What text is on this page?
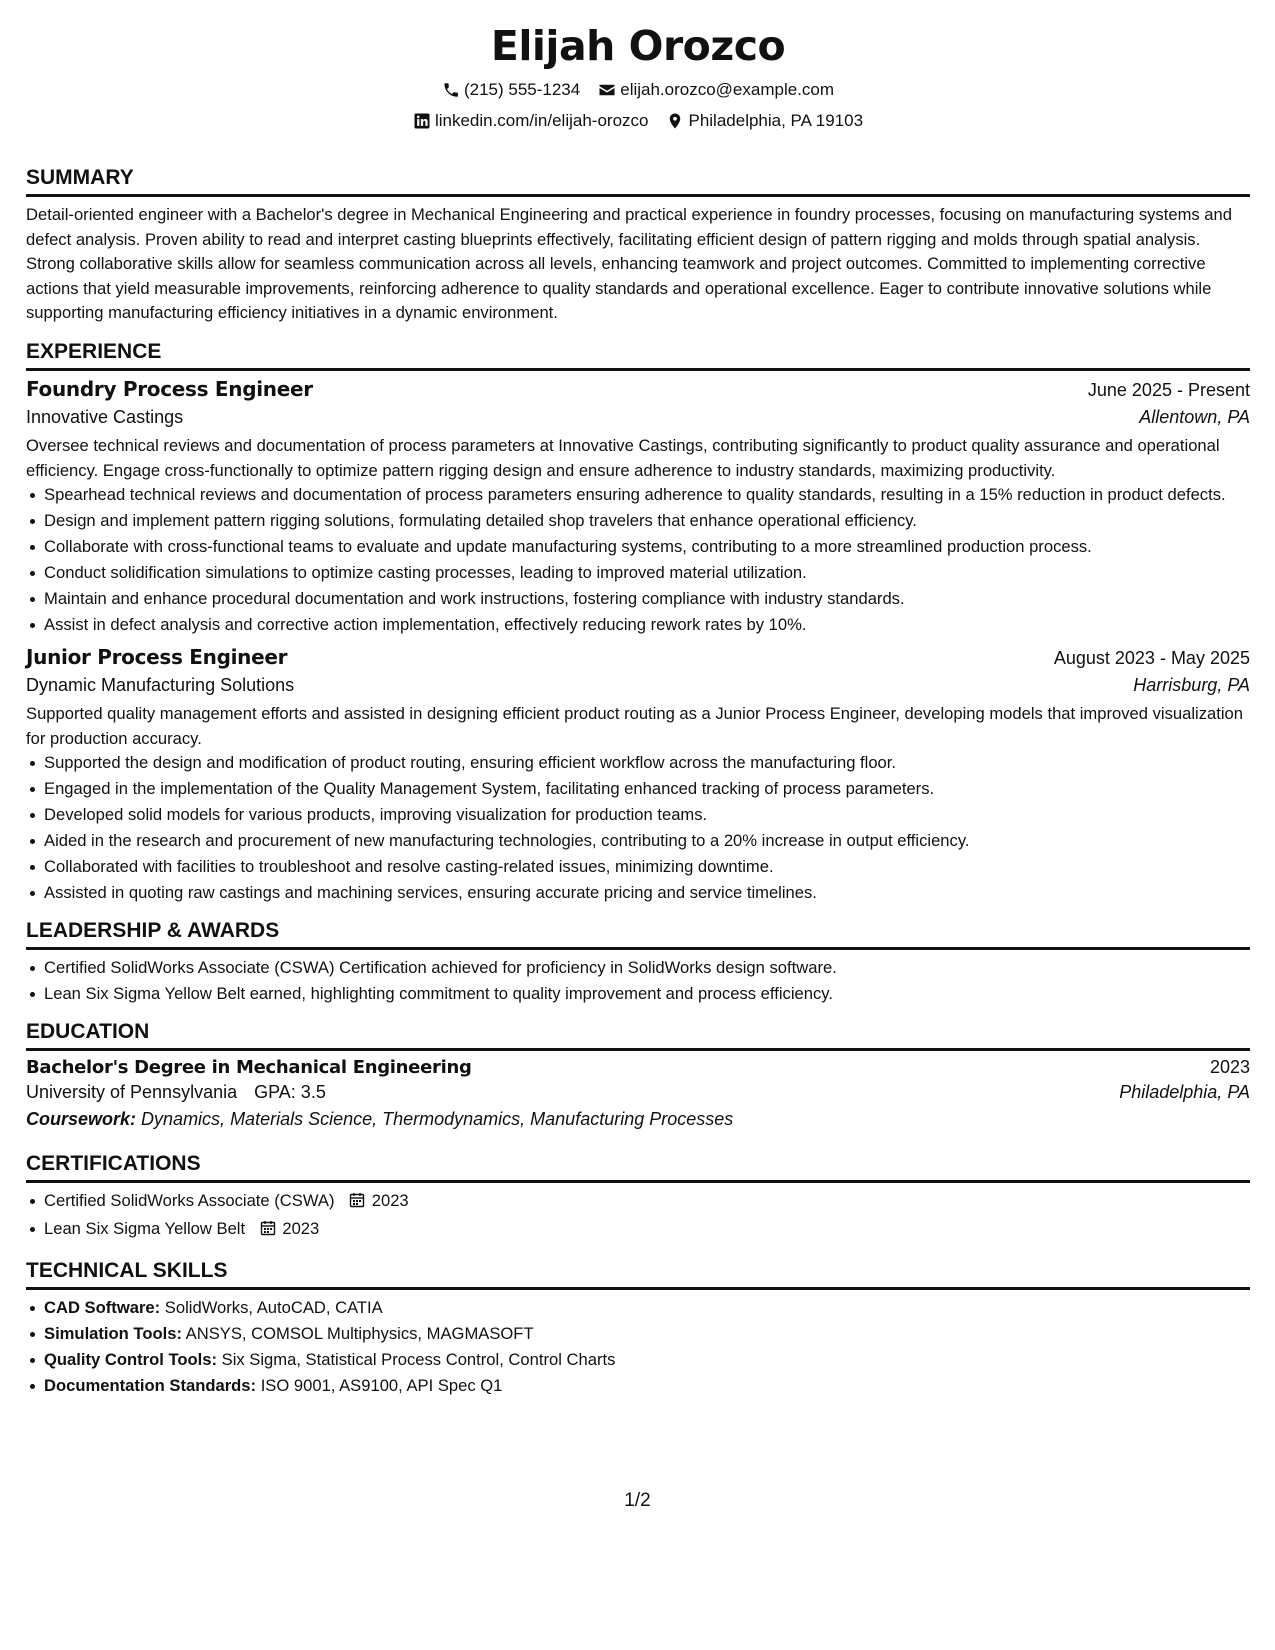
Elijah Orozco
(215) 555-1234 elijah.orozco@example.com
linkedin.com/in/elijah-orozco Philadelphia, PA 19103
SUMMARY

Detail-oriented engineer with a Bachelor's degree in Mechanical Engineering and practical experience in foundry processes, focusing on manufacturing systems and defect analysis. Proven ability to read and interpret casting blueprints effectively, facilitating efficient design of pattern rigging and molds through spatial analysis. Strong collaborative skills allow for seamless communication across all levels, enhancing teamwork and project outcomes. Committed to implementing corrective actions that yield measurable improvements, reinforcing adherence to quality standards and operational excellence. Eager to contribute innovative solutions while supporting manufacturing efficiency initiatives in a dynamic environment.

EXPERIENCE
Foundry Process Engineer	June 2025 - Present
Innovative Castings	Allentown, PA

Oversee technical reviews and documentation of process parameters at Innovative Castings, contributing significantly to product quality assurance and operational efficiency. Engage cross-functionally to optimize pattern rigging design and ensure adherence to industry standards, maximizing productivity.

Spearhead technical reviews and documentation of process parameters ensuring adherence to quality standards, resulting in a 15% reduction in product defects.
Design and implement pattern rigging solutions, formulating detailed shop travelers that enhance operational efficiency.
Collaborate with cross-functional teams to evaluate and update manufacturing systems, contributing to a more streamlined production process.
Conduct solidification simulations to optimize casting processes, leading to improved material utilization.
Maintain and enhance procedural documentation and work instructions, fostering compliance with industry standards.
Assist in defect analysis and corrective action implementation, effectively reducing rework rates by 10%.
Junior Process Engineer	August 2023 - May 2025
Dynamic Manufacturing Solutions	Harrisburg, PA

Supported quality management efforts and assisted in designing efficient product routing as a Junior Process Engineer, developing models that improved visualization for production accuracy.

Supported the design and modification of product routing, ensuring efficient workflow across the manufacturing floor.
Engaged in the implementation of the Quality Management System, facilitating enhanced tracking of process parameters.
Developed solid models for various products, improving visualization for production teams.
Aided in the research and procurement of new manufacturing technologies, contributing to a 20% increase in output efficiency.
Collaborated with facilities to troubleshoot and resolve casting-related issues, minimizing downtime.
Assisted in quoting raw castings and machining services, ensuring accurate pricing and service timelines.
LEADERSHIP & AWARDS
Certified SolidWorks Associate (CSWA) Certification achieved for proficiency in SolidWorks design software.
Lean Six Sigma Yellow Belt earned, highlighting commitment to quality improvement and process efficiency.
EDUCATION
Bachelor's Degree in Mechanical Engineering	2023
University of Pennsylvania GPA: 3.5	Philadelphia, PA
Coursework: Dynamics, Materials Science, Thermodynamics, Manufacturing Processes
CERTIFICATIONS
Certified SolidWorks Associate (CSWA) 2023
Lean Six Sigma Yellow Belt 2023
TECHNICAL SKILLS
CAD Software: SolidWorks, AutoCAD, CATIA
Simulation Tools: ANSYS, COMSOL Multiphysics, MAGMASOFT
Quality Control Tools: Six Sigma, Statistical Process Control, Control Charts
Documentation Standards: ISO 9001, AS9100, API Spec Q1
1/2
